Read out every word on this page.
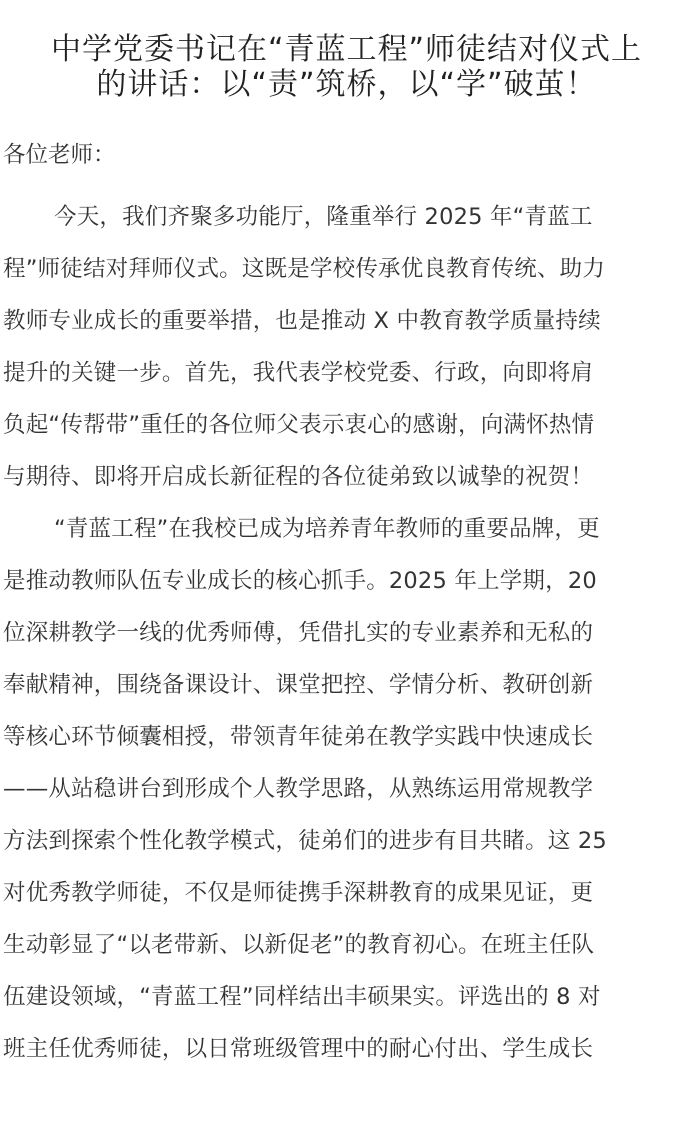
中学党委书记在“青蓝工程”师徒结对仪式上
的讲话：以“责”筑桥，以“学”破茧！
各位老师：
今天，我们齐聚多功能厅，隆重举行 2025 年“青蓝工
程”师徒结对拜师仪式。这既是学校传承优良教育传统、助力
教师专业成长的重要举措，也是推动 X 中教育教学质量持续
提升的关键一步。首先，我代表学校党委、行政，向即将肩
负起“传帮带”重任的各位师父表示衷心的感谢，向满怀热情
与期待、即将开启成长新征程的各位徒弟致以诚挚的祝贺！
“青蓝工程”在我校已成为培养青年教师的重要品牌，更
是推动教师队伍专业成长的核心抓手。2025 年上学期，20
位深耕教学一线的优秀师傅，凭借扎实的专业素养和无私的
奉献精神，围绕备课设计、课堂把控、学情分析、教研创新
等核心环节倾囊相授，带领青年徒弟在教学实践中快速成长
——从站稳讲台到形成个人教学思路，从熟练运用常规教学
方法到探索个性化教学模式，徒弟们的进步有目共睹。这 25
对优秀教学师徒，不仅是师徒携手深耕教育的成果见证，更
生动彰显了“以老带新、以新促老”的教育初心。在班主任队
伍建设领域，“青蓝工程”同样结出丰硕果实。评选出的 8 对
班主任优秀师徒，以日常班级管理中的耐心付出、学生成长
